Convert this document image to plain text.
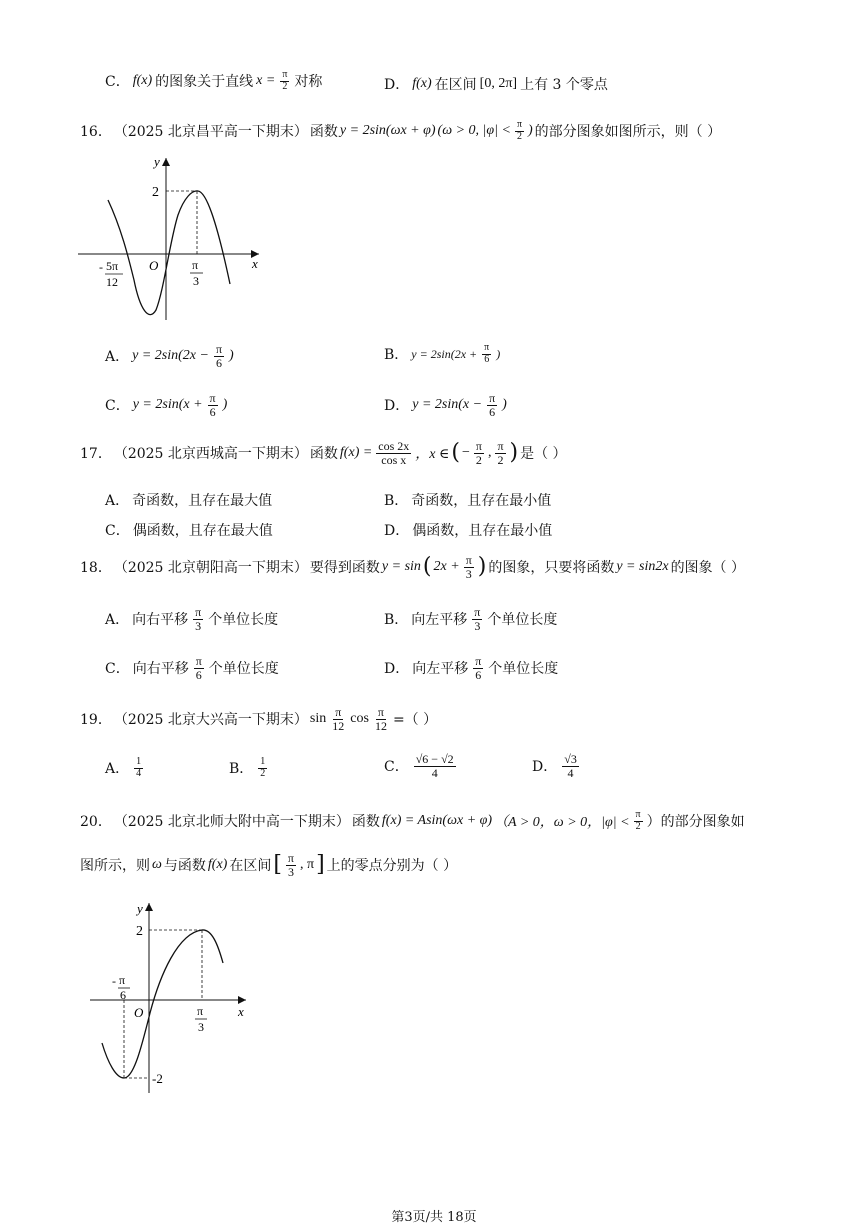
C． f(x) 的图象关于直线 $x = \frac{\pi}{2}$ 对称	D． f(x) 在区间 [0, 2π] 上有 3 个零点
16． （2025 北京昌平高一下期末） 函数 y = 2sin(ωx + φ) (ω > 0, $|\varphi| < \frac{\pi}{2}$ ) 的部分图象如图所示，则（ ）
y
x
O
2
- 5π
12
π
3
A． $y = 2\sin(2x - \frac{\pi}{6}$ )	B． $y = 2\sin(2x + \frac{\pi}{6}$ )
C． $y = 2\sin(x + \frac{\pi}{6}$ )	D． $y = 2\sin(x - \frac{\pi}{6}$ )
17． （2025 北京西城高一下期末） 函数 $f(x) = \frac{\cos 2x}{\text{cos x}}$ ，x ∈ ( − $\frac{\pi}{2}$ , $\frac{\pi}{2}$ ) 是（ ）
A． 奇函数，且存在最大值	B． 奇函数，且存在最小值
C． 偶函数，且存在最大值	D． 偶函数，且存在最小值
18． （2025 北京朝阳高一下期末） 要得到函数 y = sin ( $2x + \frac{\pi}{3}$ ) 的图象，只要将函数 y = sin2x 的图象（ ）
A． 向右平移 $\frac{\pi}{3}$ 个单位长度	B． 向左平移 $\frac{\pi}{3}$ 个单位长度
C． 向右平移 $\frac{\pi}{6}$ 个单位长度	D． 向左平移 $\frac{\pi}{6}$ 个单位长度
19． （2025 北京大兴高一下期末） $\sin \frac{\pi}{12}$ $\cos \frac{\pi}{12}$ =（ ）
A． $\frac{1}{4}$	B． $\frac{1}{2}$	C． $\frac{√6 - √2}{4}$	D． $\frac{√3}{4}$
20． （2025 北京北师大附中高一下期末） 函数 f(x) = Asin(ωx + φ) （A > 0，ω > 0，$|\varphi| < \frac{\pi}{2}$ ）的部分图象如
图所示，则 ω 与函数 f(x) 在区间 [ $\frac{\pi}{3}$ , π ] 上的零点分别为（ ）
y
x
O
2
-2
- π
6
π
3
第3页/共 18页
